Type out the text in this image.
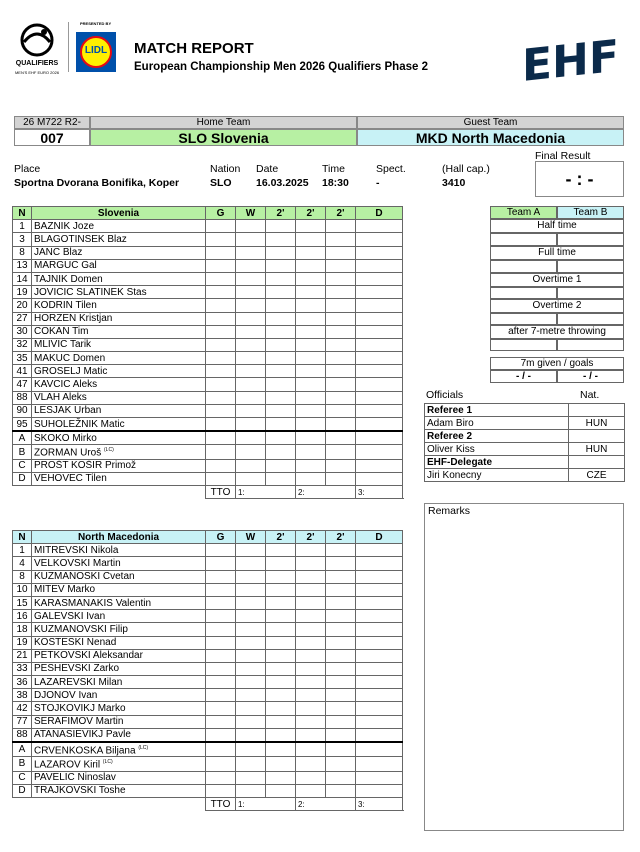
QUALIFIERS
MEN'S EHF EURO 2026
PRESENTED BY
LIDL	MATCH REPORT
European Championship Men 2026 Qualifiers Phase 2 EHF
26 M722 R2-
007
Home Team	Guest Team
SLO Slovenia	MKD North Macedonia
Final Result
- : -
Place
Sportna Dvorana Bonifika, Koper
Nation
SLO
Date
16.03.2025
Time
18:30
Spect.
-
(Hall cap.)
3410
N	Slovenia	G	W	2'	2'	2'	D	
1	BAZNIK Joze							
3	BLAGOTINSEK Blaz							
8	JANC Blaz							
13	MARGUC Gal							
14	TAJNIK Domen							
19	JOVICIC SLATINEK Stas							
20	KODRIN Tilen							
27	HORZEN Kristjan							
30	COKAN Tim							
32	MLIVIC Tarik							
35	MAKUC Domen							
41	GROSELJ Matic							
47	KAVCIC Aleks							
88	VLAH Aleks							
90	LESJAK Urban							
95	SUHOLEŽNIK Matic							
A	SKOKO Mirko							
B	ZORMAN Uroš $^{(LC)}$							
C	PROŠT KOŠIR Primož							
D	VEHOVEC Tilen							
		TTO	1:		2:		3:	
N	North Macedonia	G	W	2'	2'	2'	D	
1	MITREVSKI Nikola							
4	VELKOVSKI Martin							
8	KUZMANOSKI Cvetan							
10	MITEV Marko							
15	KARASMANAKIS Valentin							
16	GALEVSKI Ivan							
18	KUZMANOVSKI Filip							
19	KOSTESKI Nenad							
21	PETKOVSKI Aleksandar							
33	PESHEVSKI Zarko							
36	LAZAREVSKI Milan							
38	DJONOV Ivan							
42	STOJKOVIKJ Marko							
77	SERAFIMOV Martin							
88	ATANASIEVIKJ Pavle							
A	CRVENKOSKA Biljana $^{(LC)}$							
B	LAZAROV Kiril $^{(LC)}$							
C	PAVELIC Ninoslav							
D	TRAJKOVSKI Toshe							
		TTO	1:		2:		3:	
Team A	Team B
Half time
Full time
Overtime 1
Overtime 2
after 7-metre throwing
7m given / goals
- / -	- / -
Officials	Nat.
Referee 1	
Adam Biro	HUN
Referee 2	
Oliver Kiss	HUN
EHF-Delegate	
Jiri Konecny	CZE
Remarks
